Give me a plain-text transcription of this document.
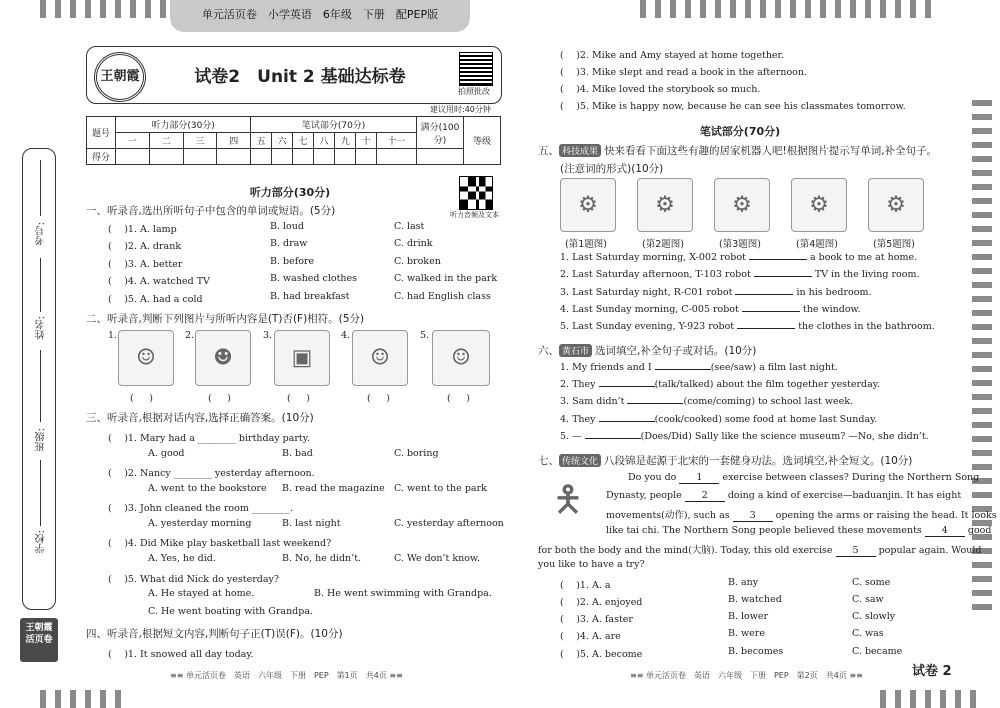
单元活页卷　小学英语　6年级　下册　配PEP版
考号:
姓名:
班级:
学校:
王朝霞
活页卷
王朝霞	试卷2　Unit 2 基础达标卷
拍照批改
建议用时:40分钟
题号	听力部分(30分)				笔试部分(70分)							满分(100分)	等级
	一	二	三	四	五	六	七	八	九	十	十一		
得分													
听力部分(30分)
听力音频及文本
一、听录音,选出所听句子中包含的单词或短语。(5分)
( 　)1. A. lamp	B. loud	C. last
( 　)2. A. drank	B. draw	C. drink
( 　)3. A. better	B. before	C. broken
( 　)4. A. watched TV	B. washed clothes	C. walked in the park
( 　)5. A. had a cold	B. had breakfast	C. had English class
二、听录音,判断下列图片与所听内容是(T)否(F)相符。(5分)
1.
☺
2.
☻
3.
▣
4.
☺
5.
☺
( 　 )	( 　 )	( 　 )	( 　 )	( 　 )
三、听录音,根据对话内容,选择正确答案。(10分)
( 　)1. Mary had a ________ birthday party.
A. good	B. bad	C. boring
( 　)2. Nancy ________ yesterday afternoon.
A. went to the bookstore B. read the magazine C. went to the park
( 　)3. John cleaned the room ________.
A. yesterday morning	B. last night	C. yesterday afternoon
( 　)4. Did Mike play basketball last weekend?
A. Yes, he did.	B. No, he didn’t.	C. We don’t know.
( 　)5. What did Nick do yesterday?
A. He stayed at home.	B. He went swimming with Grandpa.
C. He went boating with Grandpa.
四、听录音,根据短文内容,判断句子正(T)误(F)。(10分)
( 　)1. It snowed all day today.
≡≡ 单元活页卷　英语　六年级　下册　PEP　第1页　共4页 ≡≡
( 　)2. Mike and Amy stayed at home together.
( 　)3. Mike slept and read a book in the afternoon.
( 　)4. Mike loved the storybook so much.
( 　)5. Mike is happy now, because he can see his classmates tomorrow.
笔试部分(70分)
五、 科技成果 快来看看下面这些有趣的居家机器人吧!根据图片提示写单词,补全句子。
(注意词的形式)(10分)
⚙	⚙	⚙	⚙	⚙
(第1题图)	(第2题图)	(第3题图)	(第4题图)	(第5题图)
1. Last Saturday morning, X-002 robot	a book to me at home.
2. Last Saturday afternoon, T-103 robot	TV in the living room.
3. Last Saturday night, R-C01 robot	in his bedroom.
4. Last Sunday morning, C-005 robot	the window.
5. Last Sunday evening, Y-923 robot	the clothes in the bathroom.
六、 黄石市 选词填空,补全句子或对话。(10分)
1. My friends and I	(see/saw) a film last night.
2. They	(talk/talked) about the film together yesterday.
3. Sam didn’t	(come/coming) to school last week.
4. They	(cook/cooked) some food at home last Sunday.
5. —	(Does/Did) Sally like the science museum? —No, she didn’t.
七、 传统文化 八段锦是起源于北宋的一套健身功法。选词填空,补全短文。(10分)
🯅
Do you do 1 exercise between classes? During the Northern Song
Dynasty, people 2 doing a kind of exercise—baduanjin. It has eight
movements(动作), such as 3 opening the arms or raising the head. It looks
like tai chi. The Northern Song people believed these movements 4 good
for both the body and the mind(大脑). Today, this old exercise 5 popular again. Would
you like to have a try?
( 　)1. A. a	B. any	C. some
( 　)2. A. enjoyed	B. watched	C. saw
( 　)3. A. faster	B. lower	C. slowly
( 　)4. A. are	B. were	C. was
( 　)5. A. become	B. becomes	C. became
≡≡ 单元活页卷　英语　六年级　下册　PEP　第2页　共4页 ≡≡	试卷 2
